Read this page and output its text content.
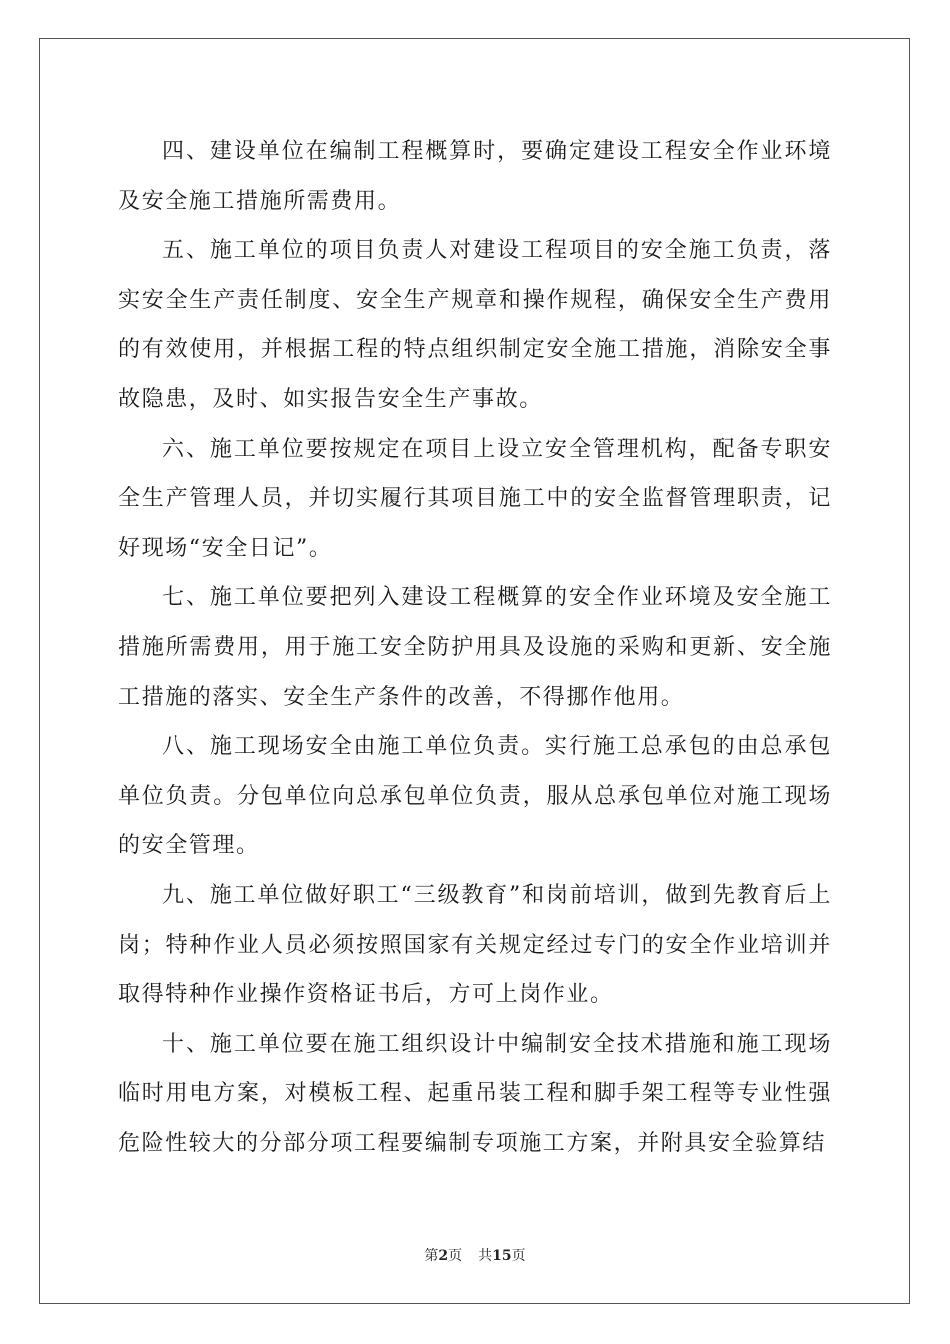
四、建设单位在编制工程概算时，要确定建设工程安全作业环境及安全施工措施所需费用。

五、施工单位的项目负责人对建设工程项目的安全施工负责，落实安全生产责任制度、安全生产规章和操作规程，确保安全生产费用的有效使用，并根据工程的特点组织制定安全施工措施，消除安全事故隐患，及时、如实报告安全生产事故。

六、施工单位要按规定在项目上设立安全管理机构，配备专职安全生产管理人员，并切实履行其项目施工中的安全监督管理职责，记好现场“安全日记”。

七、施工单位要把列入建设工程概算的安全作业环境及安全施工措施所需费用，用于施工安全防护用具及设施的采购和更新、安全施工措施的落实、安全生产条件的改善，不得挪作他用。

八、施工现场安全由施工单位负责。实行施工总承包的由总承包单位负责。分包单位向总承包单位负责，服从总承包单位对施工现场的安全管理。

九、施工单位做好职工“三级教育”和岗前培训，做到先教育后上岗；特种作业人员必须按照国家有关规定经过专门的安全作业培训并取得特种作业操作资格证书后，方可上岗作业。

十、施工单位要在施工组织设计中编制安全技术措施和施工现场临时用电方案，对模板工程、起重吊装工程和脚手架工程等专业性强危险性较大的分部分项工程要编制专项施工方案，并附具安全验算结

第2页 共15页
